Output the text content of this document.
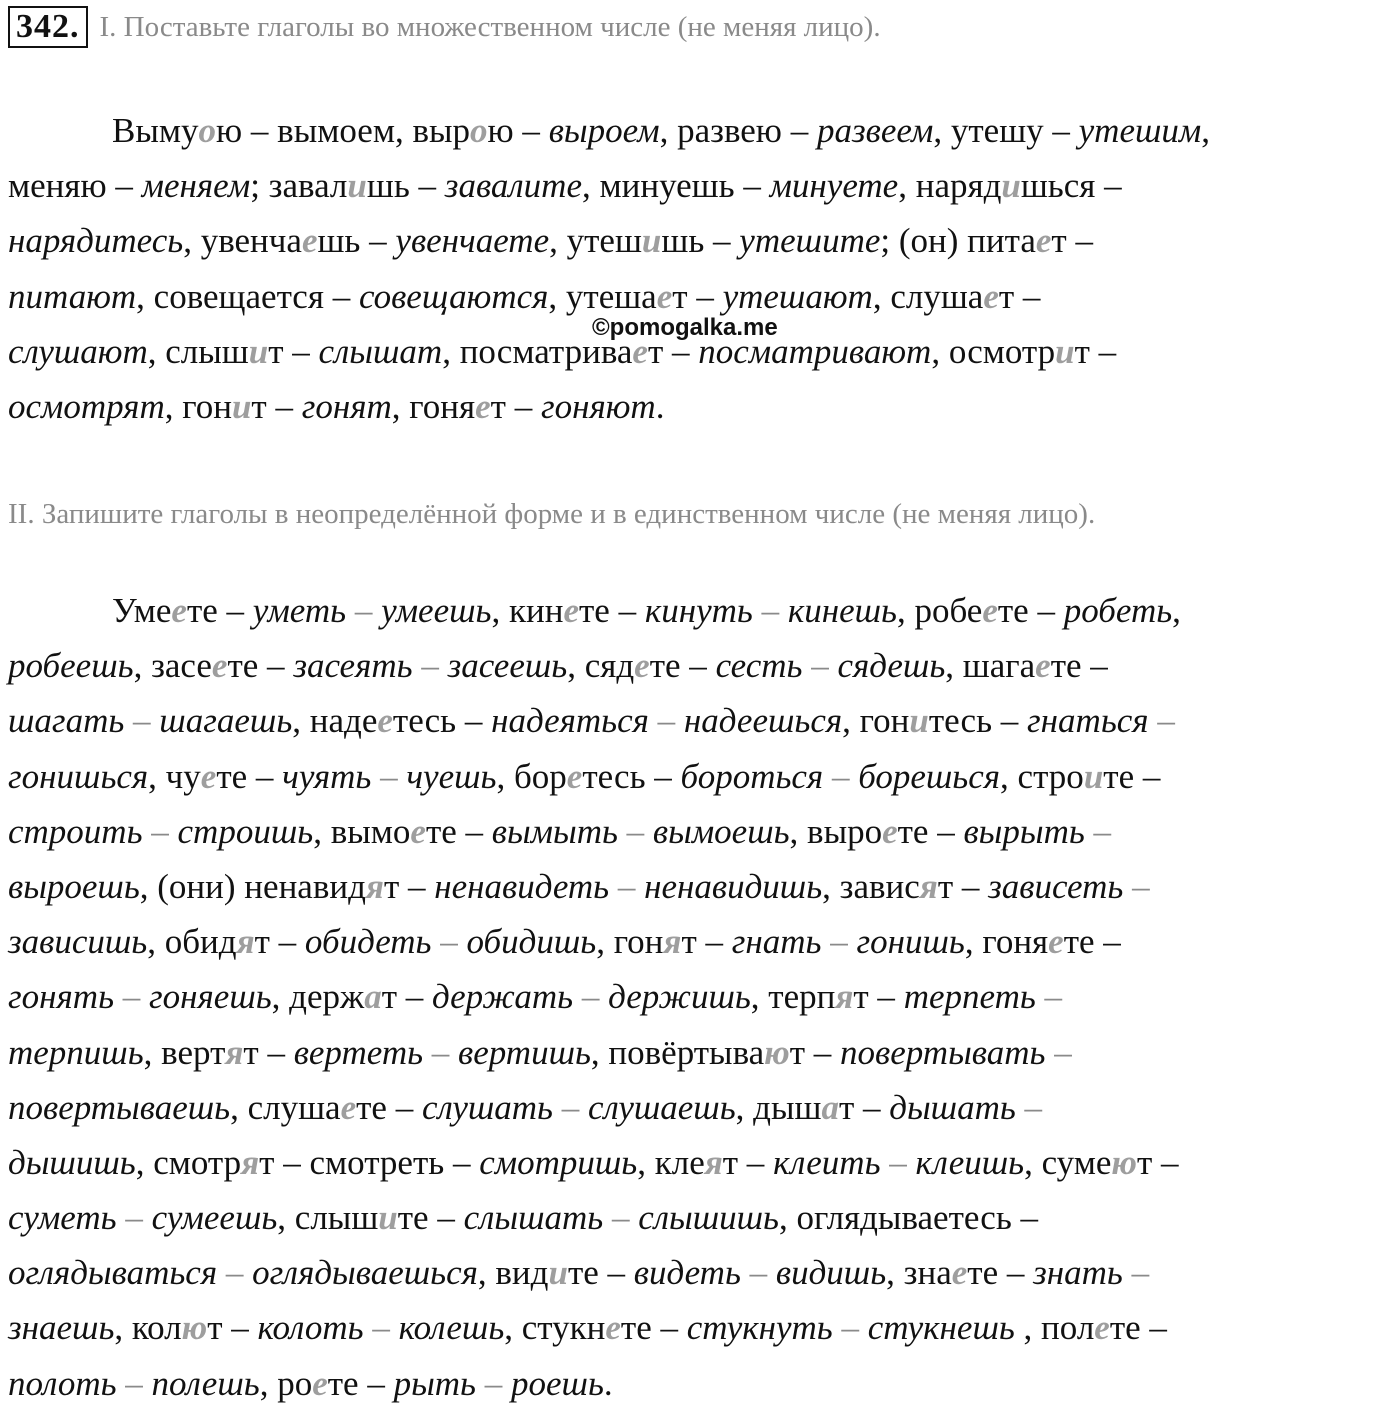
342. I. Поставьте глаголы во множественном числе (не меняя лицо).
Вымуою – вымоем, вырою – выроем, развею – развеем, утешу – утешим,
меняю – меняем; завалишь – завалите, минуешь – минуете, нарядишься –
нарядитесь, увенчаешь – увенчаете, утешишь – утешите; (он) питает –
питают, совещается – совещаются, утешает – утешают, слушает –
слушают, слышит – слышат, посматривает – посматривают, осмотрит –
осмотрят, гонит – гонят, гоняет – гоняют.
©pomogalka.me
II. Запишите глаголы в неопределённой форме и в единственном числе (не меняя лицо).
Умеете – уметь – умеешь, кинете – кинуть – кинешь, робеете – робеть,
робеешь, засеете – засеять – засеешь, сядете – сесть – сядешь, шагаете –
шагать – шагаешь, надеетесь – надеяться – надеешься, гонитесь – гнаться –
гонишься, чуете – чуять – чуешь, боретесь – бороться – борешься, строите –
строить – строишь, вымоете – вымыть – вымоешь, выроете – вырыть –
выроешь, (они) ненавидят – ненавидеть – ненавидишь, зависят – зависеть –
зависишь, обидят – обидеть – обидишь, гонят – гнать – гонишь, гоняете –
гонять – гоняешь, держат – держать – держишь, терпят – терпеть –
терпишь, вертят – вертеть – вертишь, повёртывают – повертывать –
повертываешь, слушаете – слушать – слушаешь, дышат – дышать –
дышишь, смотрят – смотреть – смотришь, клеят – клеить – клеишь, сумеют –
суметь – сумеешь, слышите – слышать – слышишь, оглядываетесь –
оглядываться – оглядываешься, видите – видеть – видишь, знаете – знать –
знаешь, колют – колоть – колешь, стукнете – стукнуть – стукнешь , полете –
полоть – полешь, роете – рыть – роешь.
